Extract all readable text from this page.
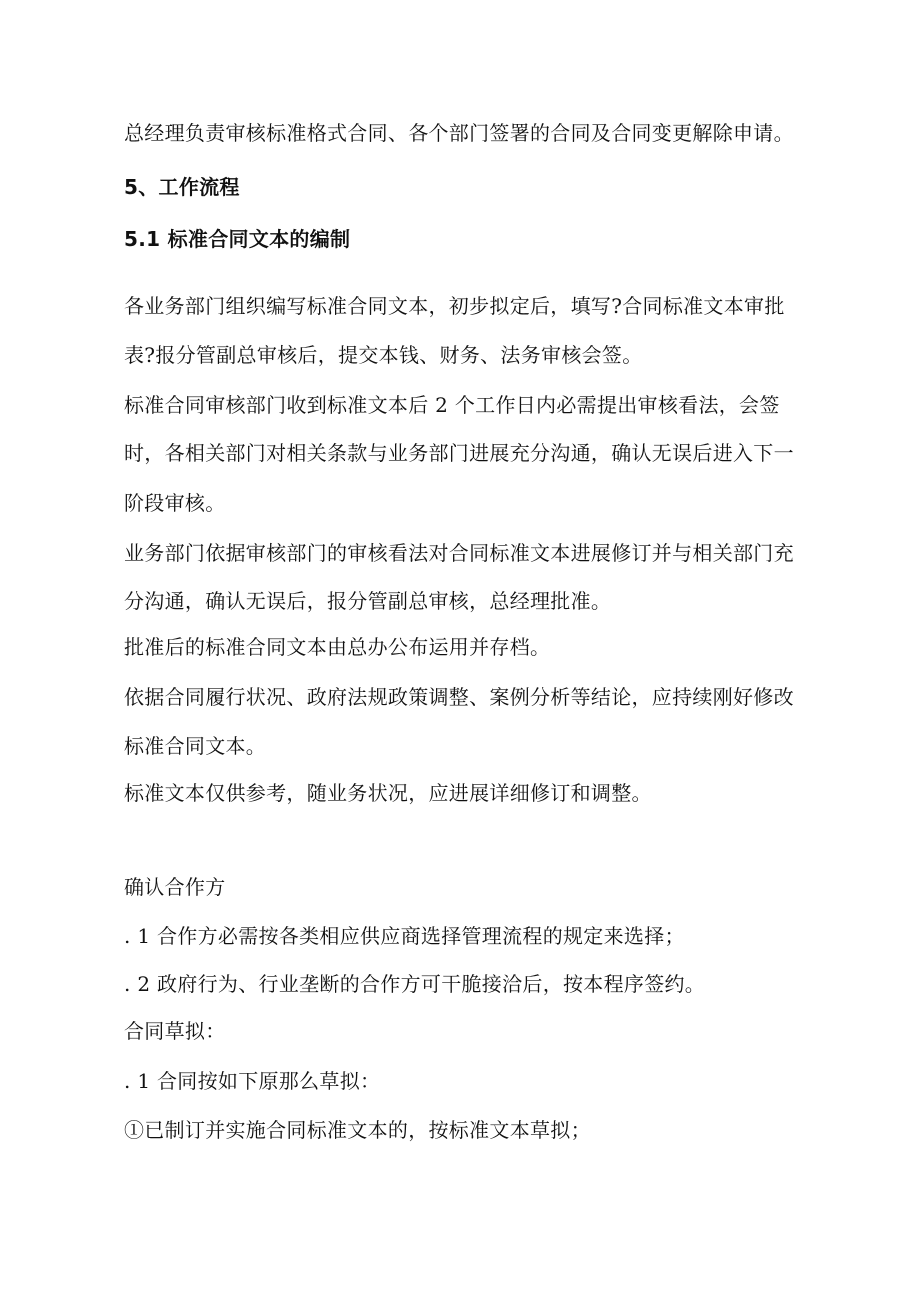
总经理负责审核标准格式合同、各个部门签署的合同及合同变更解除申请。
5、工作流程
5.1 标准合同文本的编制
各业务部门组织编写标准合同文本，初步拟定后，填写?合同标准文本审批
表?报分管副总审核后，提交本钱、财务、法务审核会签。
标准合同审核部门收到标准文本后 2 个工作日内必需提出审核看法，会签
时，各相关部门对相关条款与业务部门进展充分沟通，确认无误后进入下一
阶段审核。
业务部门依据审核部门的审核看法对合同标准文本进展修订并与相关部门充
分沟通，确认无误后，报分管副总审核，总经理批准。
批准后的标准合同文本由总办公布运用并存档。
依据合同履行状况、政府法规政策调整、案例分析等结论，应持续刚好修改
标准合同文本。
标准文本仅供参考，随业务状况，应进展详细修订和调整。
确认合作方
. 1 合作方必需按各类相应供应商选择管理流程的规定来选择；
. 2 政府行为、行业垄断的合作方可干脆接洽后，按本程序签约。
合同草拟：
. 1 合同按如下原那么草拟：
①已制订并实施合同标准文本的，按标准文本草拟；
